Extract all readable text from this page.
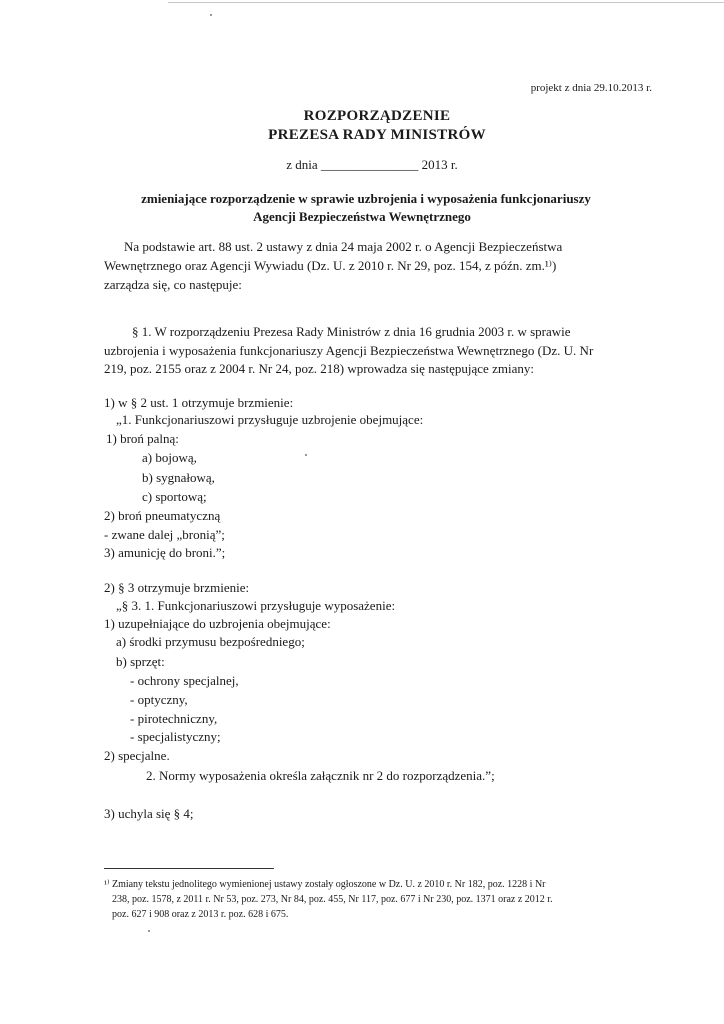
projekt z dnia 29.10.2013 r.
ROZPORZĄDZENIE
PREZESA RADY MINISTRÓW
z dnia _______________ 2013 r.
zmieniające rozporządzenie w sprawie uzbrojenia i wyposażenia funkcjonariuszy
Agencji Bezpieczeństwa Wewnętrznego
Na podstawie art. 88 ust. 2 ustawy z dnia 24 maja 2002 r. o Agencji Bezpieczeństwa
Wewnętrznego oraz Agencji Wywiadu (Dz. U. z 2010 r. Nr 29, poz. 154, z późn. zm.¹⁾)
zarządza się, co następuje:
§ 1. W rozporządzeniu Prezesa Rady Ministrów z dnia 16 grudnia 2003 r. w sprawie
uzbrojenia i wyposażenia funkcjonariuszy Agencji Bezpieczeństwa Wewnętrznego (Dz. U. Nr
219, poz. 2155 oraz z 2004 r. Nr 24, poz. 218) wprowadza się następujące zmiany:
1) w § 2 ust. 1 otrzymuje brzmienie:
„1. Funkcjonariuszowi przysługuje uzbrojenie obejmujące:
1) broń palną:
a) bojową,
b) sygnałową,
c) sportową;
2) broń pneumatyczną
- zwane dalej „bronią”;
3) amunicję do broni.”;
2) § 3 otrzymuje brzmienie:
„§ 3. 1. Funkcjonariuszowi przysługuje wyposażenie:
1) uzupełniające do uzbrojenia obejmujące:
a) środki przymusu bezpośredniego;
b) sprzęt:
- ochrony specjalnej,
- optyczny,
- pirotechniczny,
- specjalistyczny;
2) specjalne.
2. Normy wyposażenia określa załącznik nr 2 do rozporządzenia.”;
3) uchyla się § 4;
¹⁾ Zmiany tekstu jednolitego wymienionej ustawy zostały ogłoszone w Dz. U. z 2010 r. Nr 182, poz. 1228 i Nr
238, poz. 1578, z 2011 r. Nr 53, poz. 273, Nr 84, poz. 455, Nr 117, poz. 677 i Nr 230, poz. 1371 oraz z 2012 r.
poz. 627 i 908 oraz z 2013 r. poz. 628 i 675.
